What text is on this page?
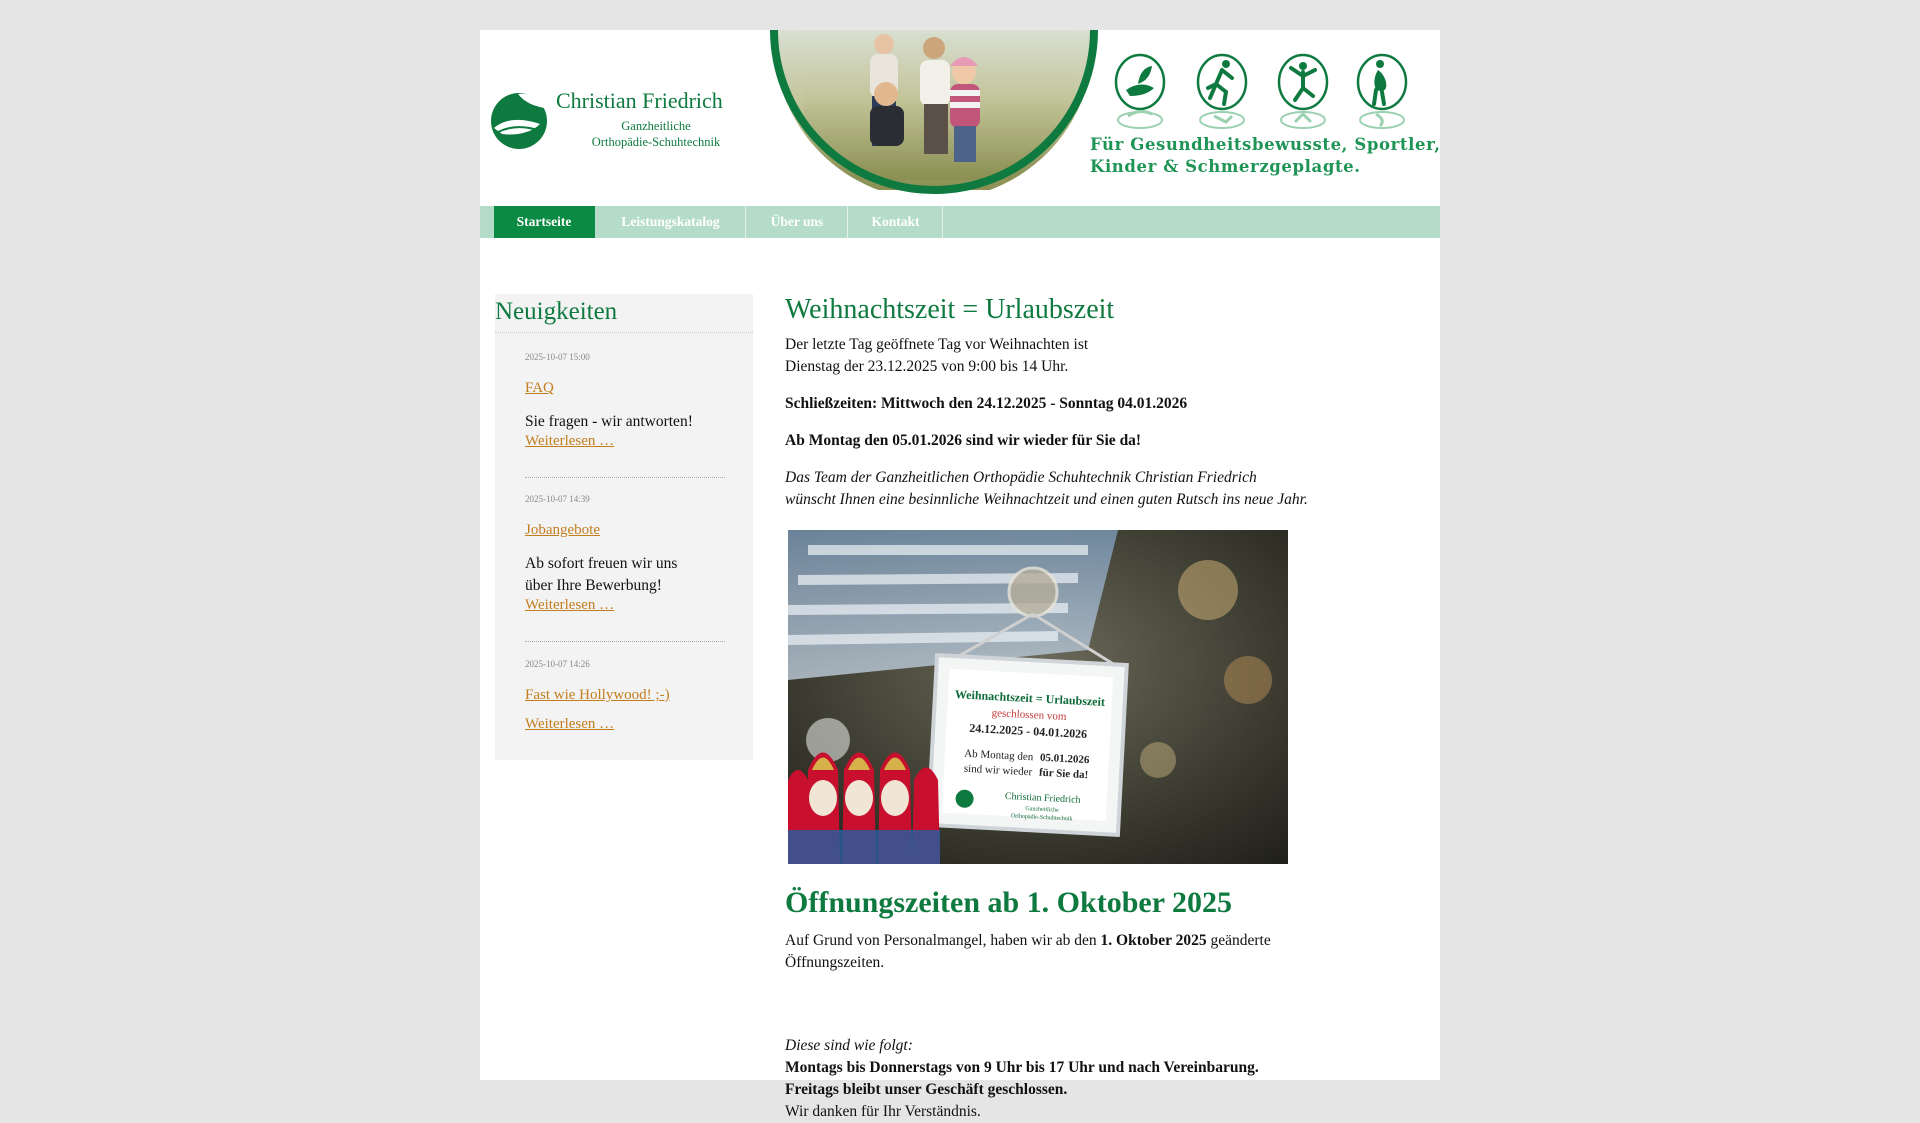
Christian Friedrich
Ganzheitliche
Orthopädie-Schuhtechnik	Für Gesundheitsbewusste, Sportler,
Kinder & Schmerzgeplagte.
Startseite	Leistungskatalog	Über uns	Kontakt
Neuigkeiten
2025-10-07 15:00
FAQ
Sie fragen - wir antworten!
Weiterlesen …
2025-10-07 14:39
Jobangebote
Ab sofort freuen wir uns
über Ihre Bewerbung!
Weiterlesen …
2025-10-07 14:26
Fast wie Hollywood! ;-)
Weiterlesen …
Weihnachtszeit = Urlaubszeit
Der letzte Tag geöffnete Tag vor Weihnachten ist
Dienstag der 23.12.2025 von 9:00 bis 14 Uhr.
Schließzeiten: Mittwoch den 24.12.2025 - Sonntag 04.01.2026
Ab Montag den 05.01.2026 sind wir wieder für Sie da!
Das Team der Ganzheitlichen Orthopädie Schuhtechnik Christian Friedrich
wünscht Ihnen eine besinnliche Weihnachtzeit und einen guten Rutsch ins neue Jahr.
Weihnachtszeit = Urlaubszeit
geschlossen vom
24.12.2025 - 04.01.2026
Ab Montag den 05.01.2026
sind wir wieder für Sie da!
Christian Friedrich
Ganzheitliche
Orthopädie-Schuhtechnik
Öffnungszeiten ab 1. Oktober 2025
Auf Grund von Personalmangel, haben wir ab den 1. Oktober 2025 geänderte
Öffnungszeiten.
Diese sind wie folgt:
Montags bis Donnerstags von 9 Uhr bis 17 Uhr und nach Vereinbarung.
Freitags bleibt unser Geschäft geschlossen.
Wir danken für Ihr Verständnis.
